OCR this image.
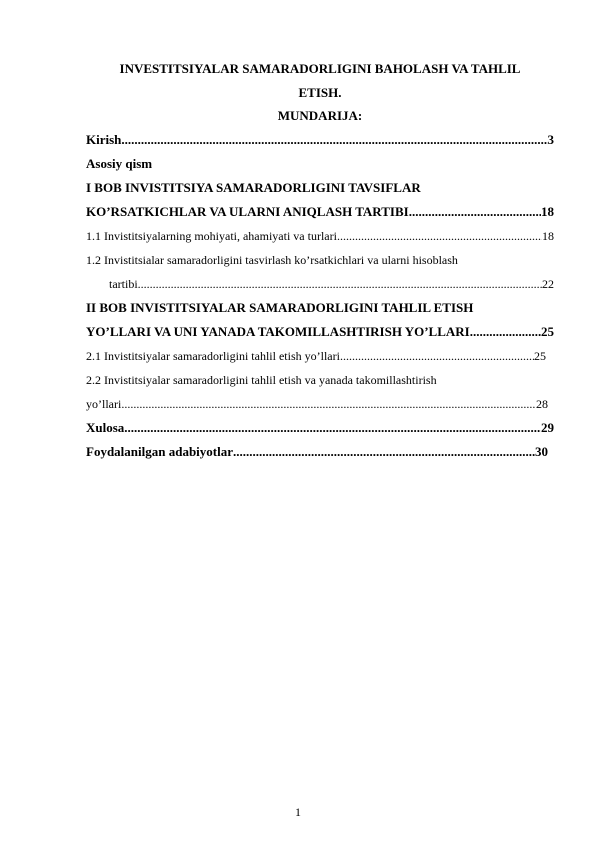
INVESTITSIYALAR SAMARADORLIGINI BAHOLASH VA TAHLIL
ETISH.
MUNDARIJA:
Kirish .....	3
Asosiy qism
I BOB INVISTITSIYA SAMARADORLIGINI TAVSIFLAR
KO’RSATKICHLAR VA ULARNI ANIQLASH TARTIBI .....	18
1.1 Invistitsiyalarning mohiyati, ahamiyati va turlari .....	18
1.2 Invistitsialar samaradorligini tasvirlash ko’rsatkichlari va ularni hisoblash
tartibi .....	22
II BOB INVISTITSIYALAR SAMARADORLIGINI TAHLIL ETISH
YO’LLARI VA UNI YANADA TAKOMILLASHTIRISH YO’LLARI .....	25
2.1 Invistitsiyalar samaradorligini tahlil etish yo’llari .....	25
2.2 Invistitsiyalar samaradorligini tahlil etish va yanada takomillashtirish
yo’llari .....	28
Xulosa .....	29
Foydalanilgan adabiyotlar .....	30
1
